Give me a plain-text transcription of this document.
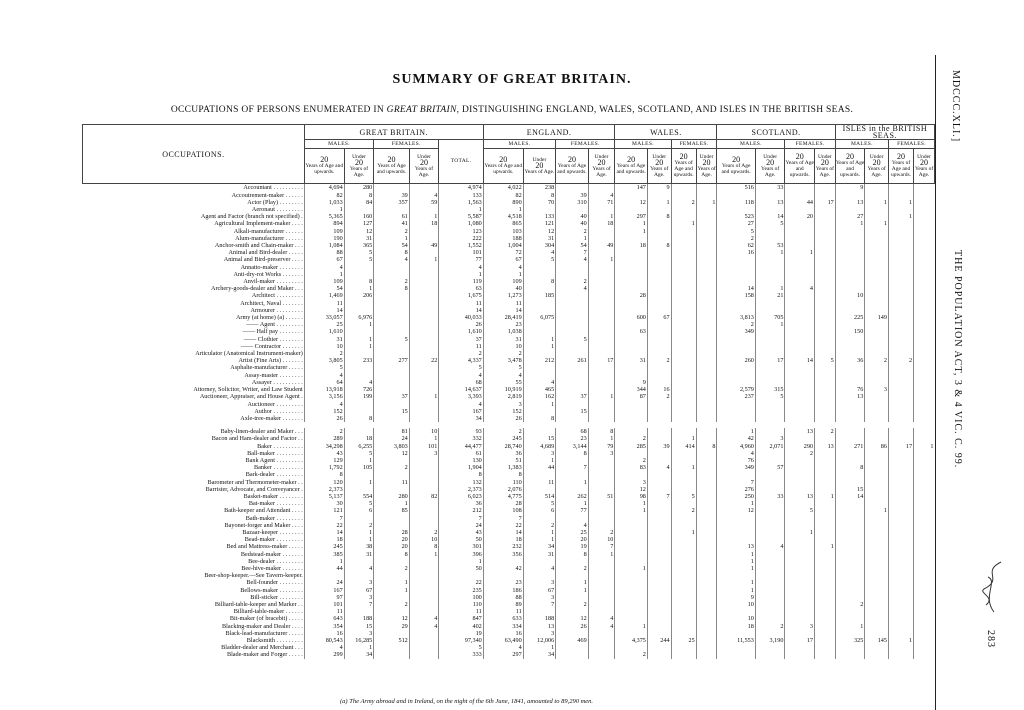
SUMMARY OF GREAT BRITAIN.
OCCUPATIONS OF PERSONS ENUMERATED IN GREAT BRITAIN, DISTINGUISHING ENGLAND, WALES, SCOTLAND, AND ISLES IN THE BRITISH SEAS.	MDCCC.XLI.]
THE POPULATION ACT, 3 & 4 VIC. C. 99.
283
OCCUPATIONS.	GREAT BRITAIN.					ENGLAND.				WALES.				SCOTLAND.				ISLES in the BRITISH SEAS.			
	MALES.		FEMALES.		TOTAL.	MALES.		FEMALES.		MALES.		FEMALES.		MALES.		FEMALES.		MALES.		FEMALES.	

	20
Years of Age and upwards.	Under
20
Years of Age.	20
Years of Age and upwards.	Under
20
Years of Age.		20
Years of Age and upwards.	Under
20
Years of Age.	20
Years of Age and upwards.	Under
20
Years of Age.	20
Years of Age and upwards.	Under
20
Years of Age.	20
Years of Age and upwards.	Under
20
Years of Age.	20
Years of Age and upwards.	Under
20
Years of Age.	20
Years of Age and upwards.	Under
20
Years of Age.	20
Years of Age and upwards.	Under
20
Years of Age.	20
Years of Age and upwards.	Under
20
Years of Age.
Accountant . . . . . . . . . .	4,694	280			4,974	4,022	238			147	9			516	33			9			
Accoutrement-maker . . . . . .	82	8	39	4	133	82	8	39	4												
Actor (Play) . . . . . . . .	1,033	84	357	59	1,563	890	70	310	71	12	1	2	1	118	13	44	17	13	1	1	
Aeronaut . . . . . . . . .	1				1	1															
Agent and Factor (branch not specified) .	5,365	160	61	1	5,587	4,518	133	40	1	297	8			523	14	20		27		1	
Agricultural Implement-maker . . . .	894	127	41	18	1,080	865	121	40	18	1		1		27	5			1	1		
Alkali-manufacturer . . . . . .	109	12	2		123	103	12	2		1				5							
Alum-manufacturer . . . . . .	190	31	1		222	188	31	1						2							
Anchor-smith and Chain-maker . . .	1,084	365	54	49	1,552	1,004	304	54	49	18	8			62	53						
Animal and Bird-dealer . . . . .	88	5	8		101	72	4	7						16	1	1					
Animal and Bird-preserver . . . .	67	5	4	1	77	67	5	4	1												
Annatto-maker . . . . . . . .	4				4	4															
Anti-dry-rot Works . . . . . . .	1				1	1															
Anvil-maker . . . . . . . . .	109	8	2		119	109	8	2													
Archery-goods-dealer and Maker . . .	54	1	8		63	40		4						14	1	4					
Architect . . . . . . . . .	1,469	206			1,675	1,273	185			28				158	21			10			
Architect, Naval . . . . . . .	11				11	11															
Armourer . . . . . . . . .	14				14	14															
Army (at home) (a) . . . . . .	33,057	6,976			40,033	28,419	6,075			600	67			3,813	705			225	149		
—— Agent . . . . . . . . .	25	1			26	23								2	1						
—— Half pay . . . . . . . .	1,610				1,610	1,038				63				349				150			
—— Clothier . . . . . . . .	31	1	5		37	31	1	5													
—— Contractor . . . . . . .	10	1			11	10	1														
Articulator (Anatomical Instrument-maker)	2				2	2															
Artist (Fine Arts) . . . . . . .	3,805	233	277	22	4,337	3,478	212	261	17	31	2			260	17	14	5	36	2	2	
Asphalte-manufacturer . . . . .	5				5	5															
Assay-master . . . . . . . .	4				4	4															
Assayer . . . . . . . . . .	64	4			68	55	4			9											
Attorney, Solicitor, Writer, and Law Student	13,918	726			14,637	10,919	465			344	16			2,579	315			76	3		
Auctioneer, Appraiser, and House Agent .	3,156	199	37	1	3,393	2,819	162	37	1	87	2			237	5			13			
Auctioneer . . . . . . . . .	4				4	3	1														
Author . . . . . . . . . .	152		15		167	152		15													
Axle-tree-maker . . . . . . .	26	8			34	26	8														

Baby-linen-dealer and Maker . . .	2		81	10	93	2		68	8					1		13	2				
Bacon and Ham-dealer and Factor . .	289	18	24	1	332	245	15	23	1	2		1		42	3						
Baker . . . . . . . . . .	34,298	6,255	3,803	101	44,477	28,740	4,689	3,144	79	285	39	414	8	4,960	2,071	290	13	271	86	17	1
Ball-maker . . . . . . . . .	43	5	12	3	61	36	3	8	3					4		2					
Bank Agent . . . . . . . . .	129	1			130	51	1			2				76							
Banker . . . . . . . . . .	1,792	105	2		1,904	1,383	44	7		83	4	1		349	57			8			
Bark-dealer . . . . . . . . .	8				8	8															
Barometer and Thermometer-maker . .	120	1	11		132	110	11	1		3				7							
Barrister, Advocate, and Conveyancer .	2,373				2,373	2,076				12				276				15			
Basket-maker . . . . . . . .	5,137	554	280	82	6,023	4,775	514	262	51	98	7	5		250	33	13	1	14			
Bat-maker . . . . . . . . .	30	5	1		36	28	5	1		1				1							
Bath-keeper and Attendant . . . .	121	6	85		212	108	6	77		1		2		12		5			1		
Bath-maker . . . . . . . . .	7				7	7															
Bayonet-forger and Maker . . . .	22	2			24	22	2	4													
Bazaar-keeper . . . . . . . .	14	1	28	2	43	14	1	25	2			1				1					
Bead-maker . . . . . . . . .	18	1	20	10	50	18	1	20	10												
Bed and Mattress-maker . . . . .	245	38	20	8	301	232	34	19	7					13	4		1				
Bedstead-maker . . . . . . .	385	31	8	1	396	356	31	8	1					1							
Bee-dealer . . . . . . . . .	1				1									1							
Bee-hive-maker . . . . . . .	44	4	2		50	42	4	2		1				1							
Beer-shop-keeper.—See Tavern-keeper.																					
Bell-founder . . . . . . . .	24	3	1		22	23	3	1						1							
Bellows-maker . . . . . . . .	167	67	1		235	186	67	1						1							
Bill-sticker . . . . . . . .	97	3			100	88	3							9							
Billiard-table-keeper and Marker . .	101	7	2		110	89	7	2						10				2			
Billiard-table-maker . . . . . .	11				11	11															
Bit-maker (of bracebit) . . . . .	643	188	12	4	847	633	188	12	4					10							
Blacking-maker and Dealer . . . .	354	15	29	4	402	334	13	26	4	1				18	2	3		1			
Black-lead-manufacturer . . . . .	16	3			19	16	3														
Blacksmith . . . . . . . . .	80,543	16,285	512		97,340	63,490	12,006	469		4,375	244	25		11,553	3,190	17		325	145	1	
Bladder-dealer and Merchant . . .	4	1			5	4	1														
Blade-maker and Forger . . . . .	299	34			333	297	34			2											
(a) The Army abroad and in Ireland, on the night of the 6th June, 1841, amounted to 89,290 men.
